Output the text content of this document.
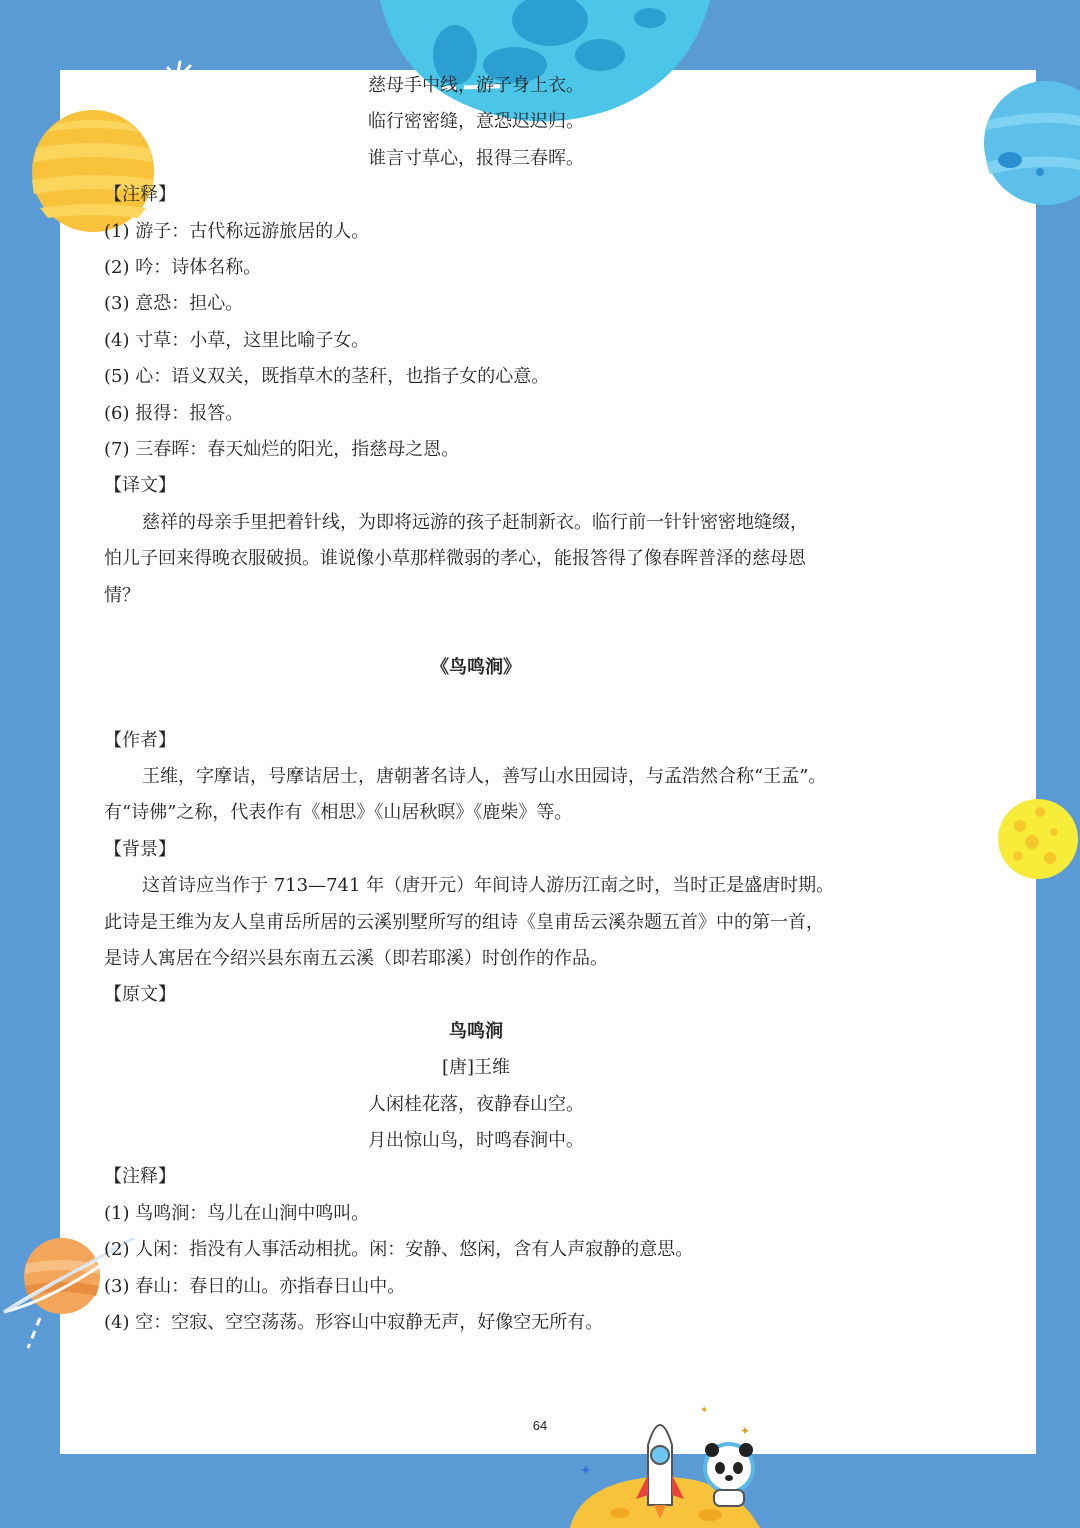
✦
✦
✦
慈母手中线，游子身上衣。
临行密密缝，意恐迟迟归。
谁言寸草心，报得三春晖。
【注释】
(1) 游子：古代称远游旅居的人。
(2) 吟：诗体名称。
(3) 意恐：担心。
(4) 寸草：小草，这里比喻子女。
(5) 心：语义双关，既指草木的茎秆，也指子女的心意。
(6) 报得：报答。
(7) 三春晖：春天灿烂的阳光，指慈母之恩。
【译文】
慈祥的母亲手里把着针线，为即将远游的孩子赶制新衣。临行前一针针密密地缝缀，
怕儿子回来得晚衣服破损。谁说像小草那样微弱的孝心，能报答得了像春晖普泽的慈母恩
情？
《鸟鸣涧》
【作者】
王维，字摩诘，号摩诘居士，唐朝著名诗人，善写山水田园诗，与孟浩然合称“王孟”。
有“诗佛”之称，代表作有《相思》《山居秋暝》《鹿柴》等。
【背景】
这首诗应当作于 713—741 年（唐开元）年间诗人游历江南之时，当时正是盛唐时期。
此诗是王维为友人皇甫岳所居的云溪别墅所写的组诗《皇甫岳云溪杂题五首》中的第一首，
是诗人寓居在今绍兴县东南五云溪（即若耶溪）时创作的作品。
【原文】
鸟鸣涧
[唐]王维
人闲桂花落，夜静春山空。
月出惊山鸟，时鸣春涧中。
【注释】
(1) 鸟鸣涧：鸟儿在山涧中鸣叫。
(2) 人闲：指没有人事活动相扰。闲：安静、悠闲，含有人声寂静的意思。
(3) 春山：春日的山。亦指春日山中。
(4) 空：空寂、空空荡荡。形容山中寂静无声，好像空无所有。
64
